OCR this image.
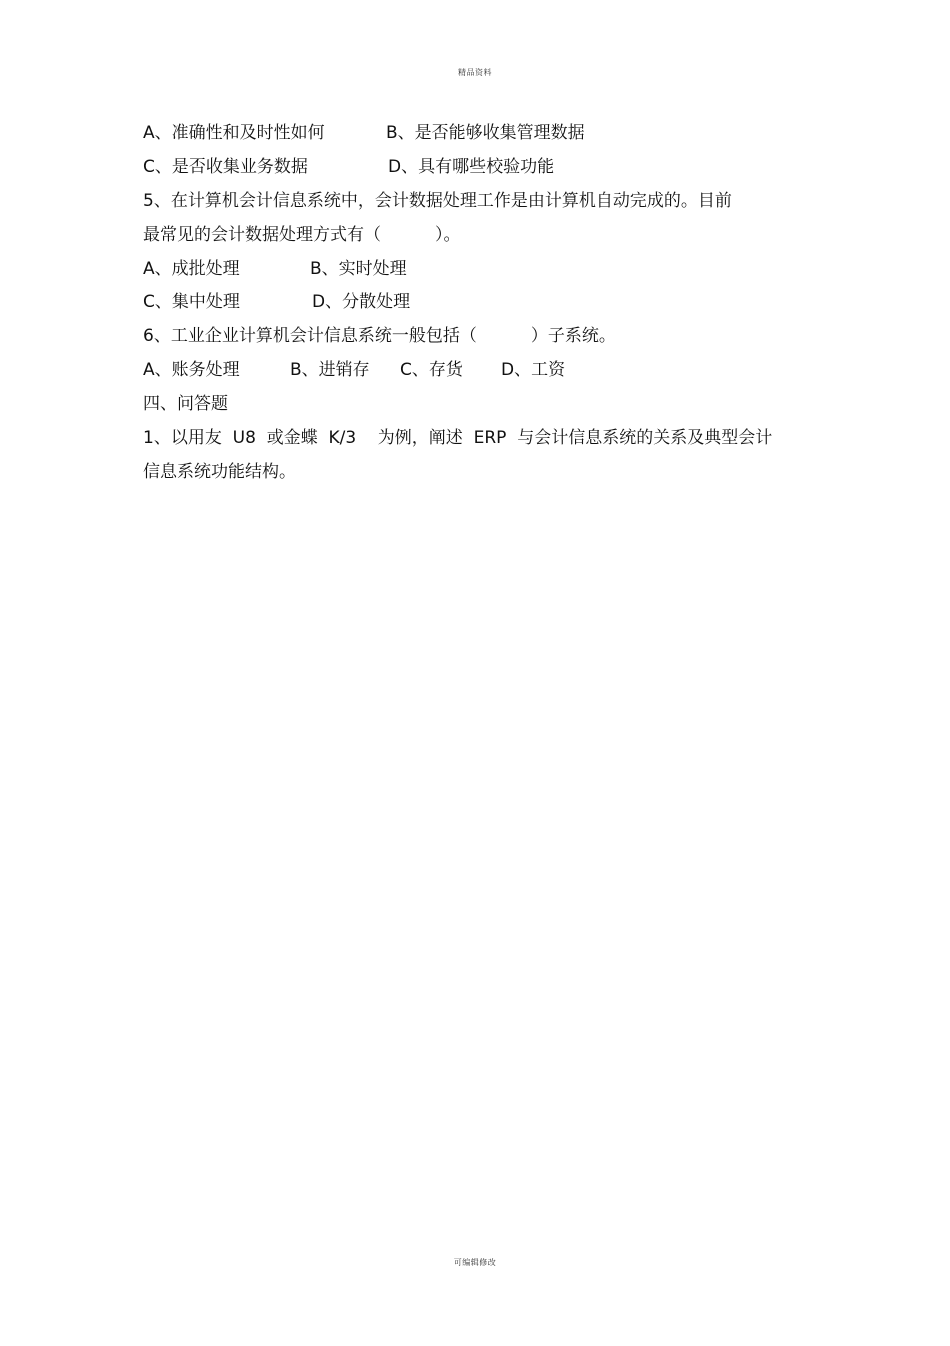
精品资料

A、准确性和及时性如何

	B、是否能够收集管理数据

C、是否收集业务数据

	D、具有哪些校验功能

5、在计算机会计信息系统中，会计数据处理工作是由计算机自动完成的。目前
最常见的会计数据处理方式有（          ）。

A、成批处理

	B、实时处理

C、集中处理

	D、分散处理

6、工业企业计算机会计信息系统一般包括（          ）子系统。

A、账务处理

	B、进销存

C、存货

D、工资

四、问答题
1、以用友  U8  或金蝶  K/3    为例，阐述  ERP  与会计信息系统的关系及典型会计
信息系统功能结构。
可编辑修改
